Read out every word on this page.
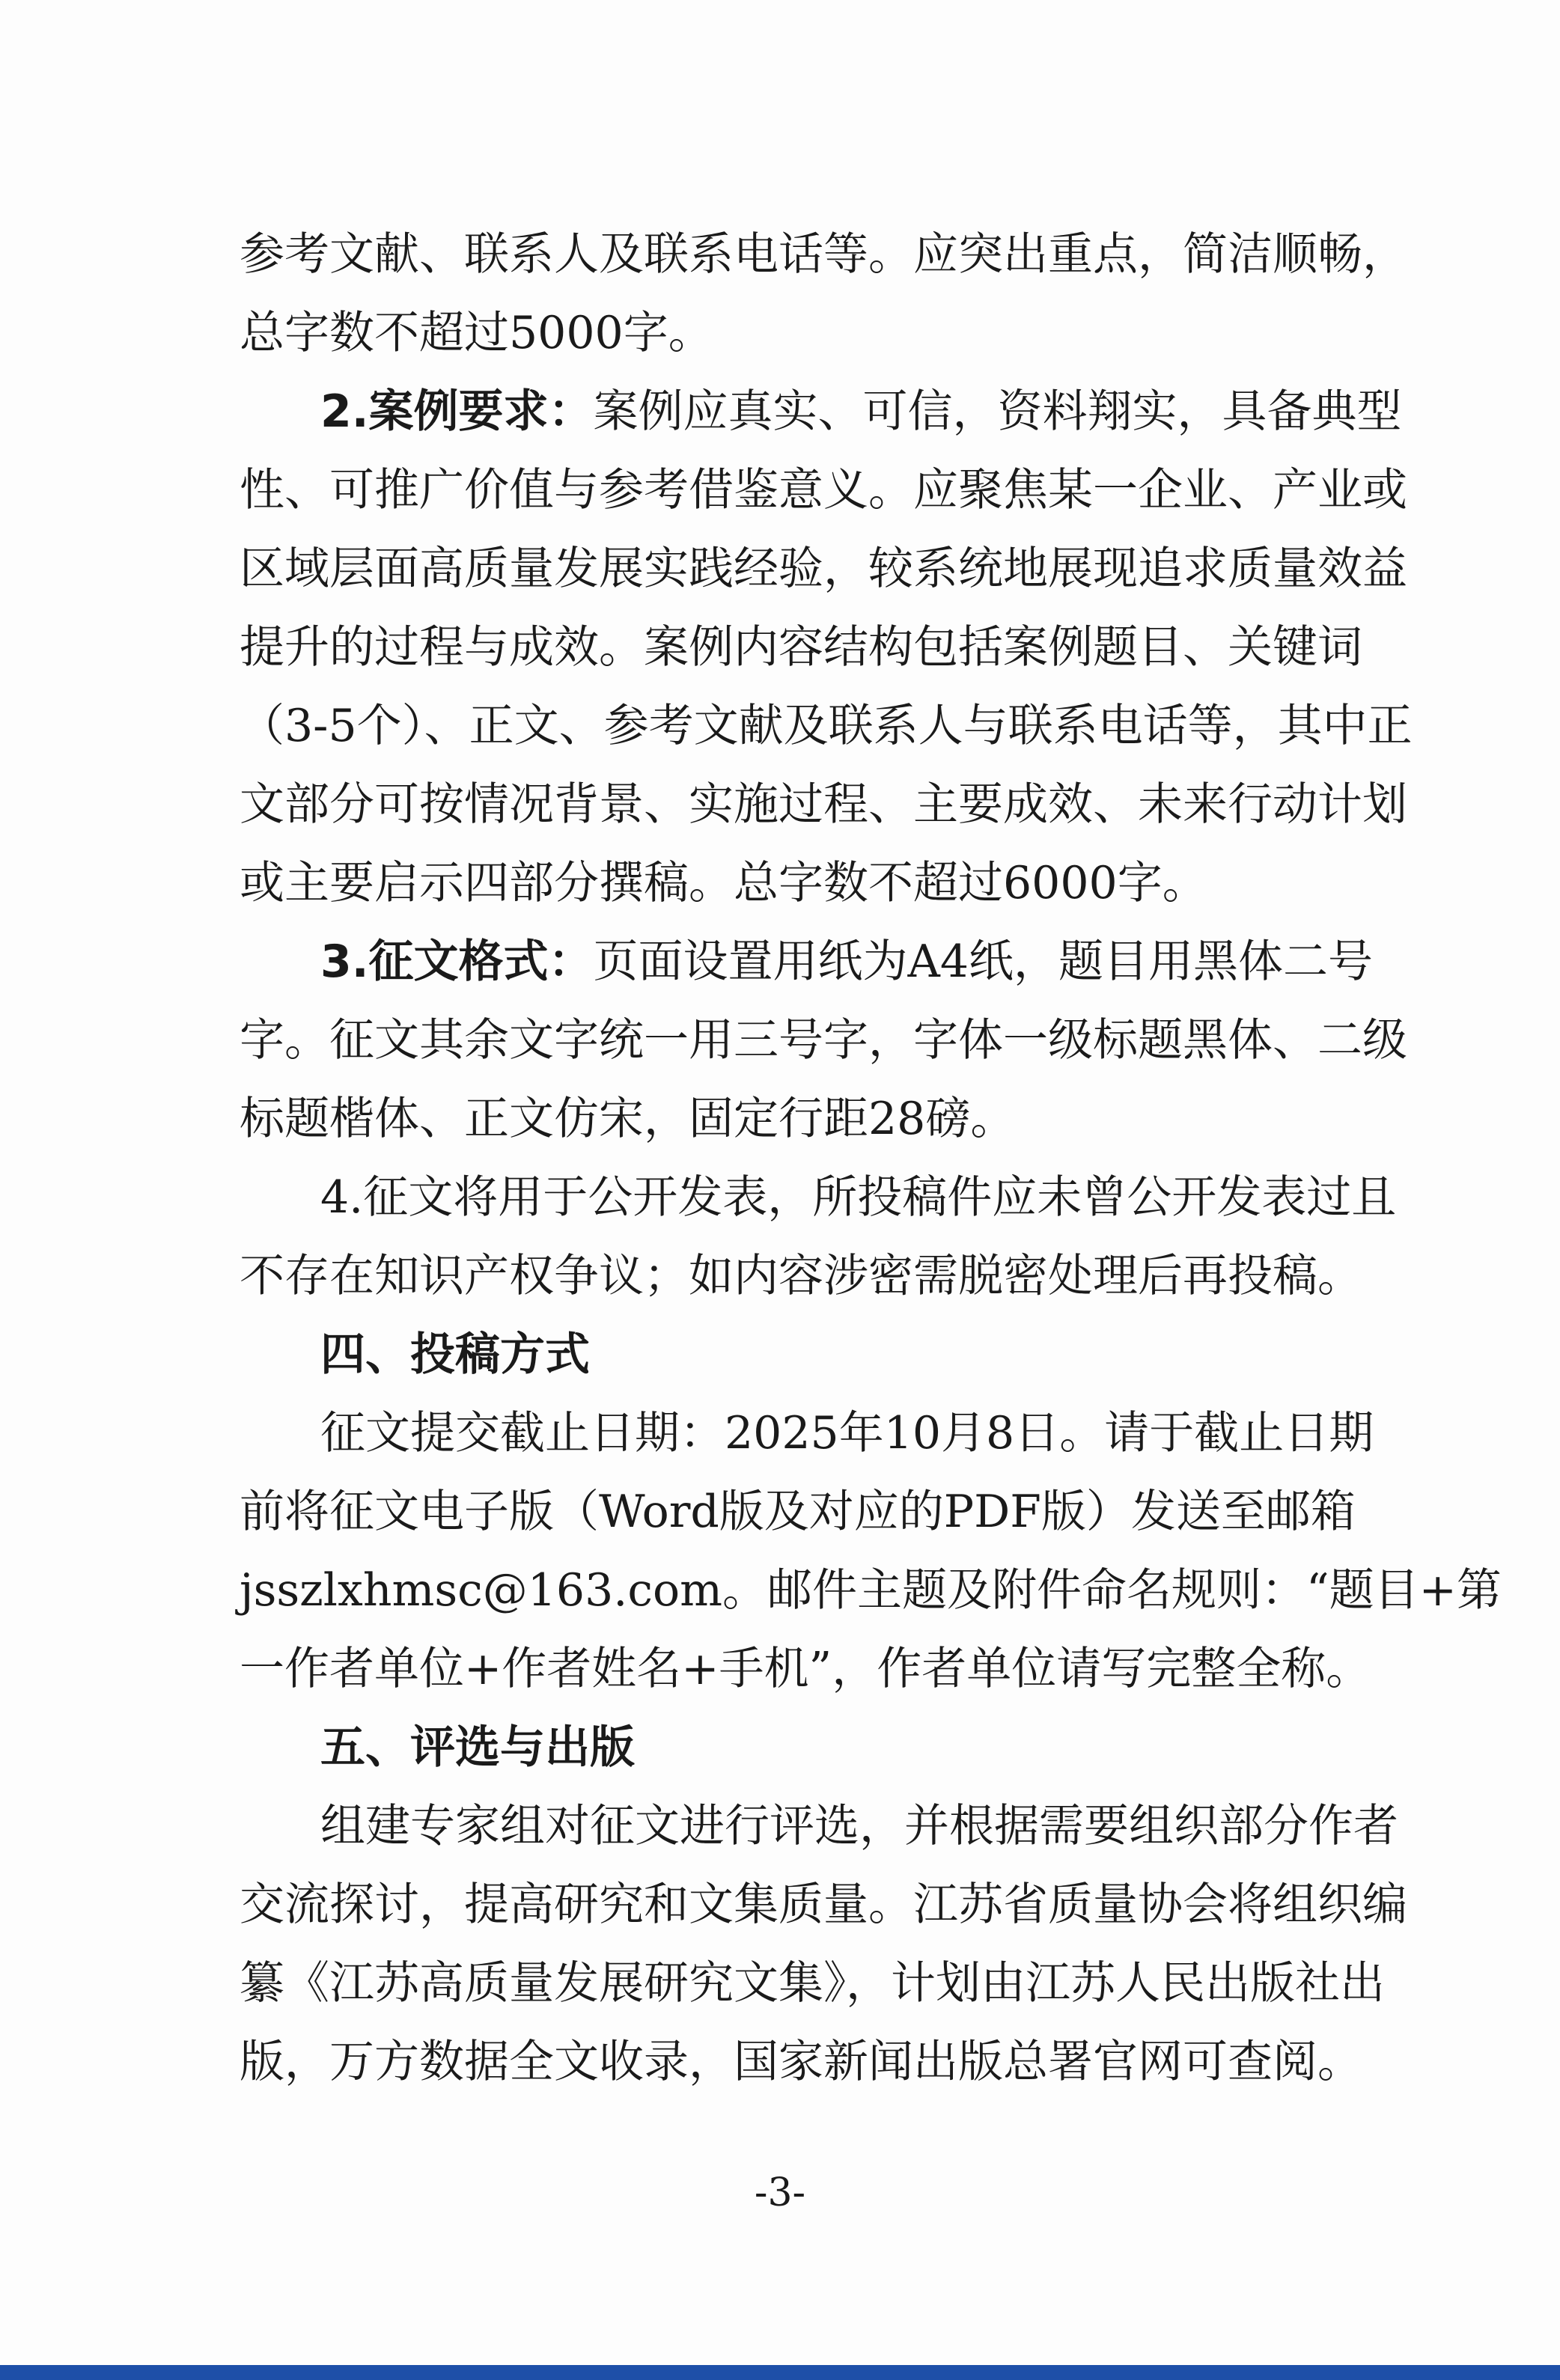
参考文献、联系人及联系电话等。应突出重点，简洁顺畅，
总字数不超过5000字。
2.案例要求：案例应真实、可信，资料翔实，具备典型
性、可推广价值与参考借鉴意义。应聚焦某一企业、产业或
区域层面高质量发展实践经验，较系统地展现追求质量效益
提升的过程与成效。案例内容结构包括案例题目、关键词
（3-5个）、正文、参考文献及联系人与联系电话等，其中正
文部分可按情况背景、实施过程、主要成效、未来行动计划
或主要启示四部分撰稿。总字数不超过6000字。
3.征文格式：页面设置用纸为A4纸，题目用黑体二号
字。征文其余文字统一用三号字，字体一级标题黑体、二级
标题楷体、正文仿宋，固定行距28磅。
4.征文将用于公开发表，所投稿件应未曾公开发表过且
不存在知识产权争议；如内容涉密需脱密处理后再投稿。
四、投稿方式
征文提交截止日期：2025年10月8日。请于截止日期
前将征文电子版（Word版及对应的PDF版）发送至邮箱
jsszlxhmsc@163.com。邮件主题及附件命名规则：“题目+第
一作者单位+作者姓名+手机”，作者单位请写完整全称。
五、评选与出版
组建专家组对征文进行评选，并根据需要组织部分作者
交流探讨，提高研究和文集质量。江苏省质量协会将组织编
纂《江苏高质量发展研究文集》，计划由江苏人民出版社出
版，万方数据全文收录，国家新闻出版总署官网可查阅。
-3-
